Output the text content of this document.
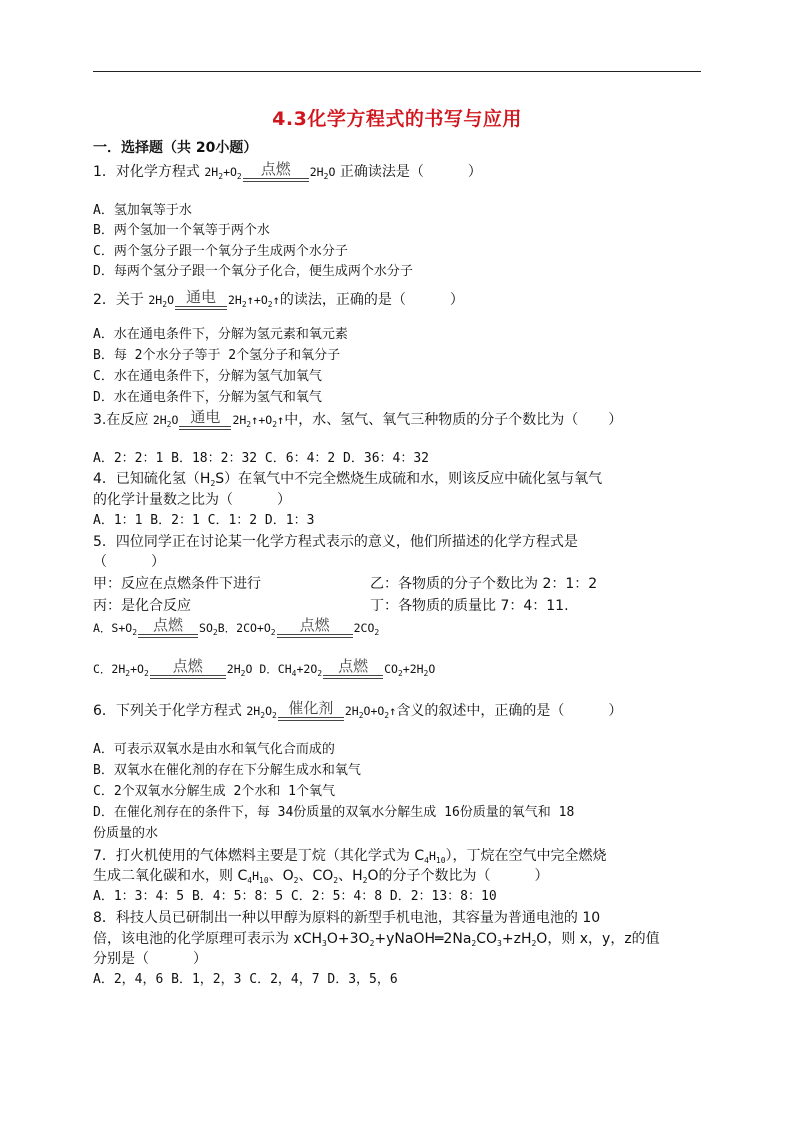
4.3化学方程式的书写与应用
一．选择题（共 20小题）
1．对化学方程式 $2H_2+O_2$	点燃	$2H_2O$ 正确读法是（	）
A．氢加氧等于水
B．两个氢加一个氧等于两个水
C．两个氢分子跟一个氧分子生成两个水分子
D．每两个氢分子跟一个氧分子化合，便生成两个水分子
2．关于 $2H_2O$ 通电	$2H_2↑+O_2↑$的读法，正确的是（	）
A．水在通电条件下，分解为氢元素和氧元素
B．每 2个水分子等于 2个氢分子和氧分子
C．水在通电条件下，分解为氢气加氧气
D．水在通电条件下，分解为氢气和氧气
3.在反应 $2H_2O$ 通电	$2H_2↑+O_2↑$中，水、氢气、氧气三种物质的分子个数比为（ ）
A．2：2：1 B．18：2：32 C．6：4：2 D．36：4：32
4．已知硫化氢$(H_2S)$在氧气中不完全燃烧生成硫和水，则该反应中硫化氢与氧气
的化学计量数之比为（	）
A．1：1 B．2：1 C．1：2 D．1：3
5．四位同学正在讨论某一化学方程式表示的意义，他们所描述的化学方程式是
（	）
甲：反应在点燃条件下进行	乙：各物质的分子个数比为 2：1：2
丙：是化合反应	丁：各物质的质量比 7：4：11.
A．$S+O_2$	点燃	$SO_2B$．$2CO+O_2$	点燃	$2CO_2$
C．$2H_2+O_2$	点燃	$2H_2O$ D．$CH_4+2O_2$	点燃	$CO_2+2H_2O$
6．下列关于化学方程式 $2H_2O_2$ 催化剂	$2H_2O+O_2↑$含义的叙述中，正确的是（	）
A．可表示双氧水是由水和氧气化合而成的
B．双氧水在催化剂的存在下分解生成水和氧气
C．2个双氧水分解生成 2个水和 1个氧气
D．在催化剂存在的条件下，每 34份质量的双氧水分解生成 16份质量的氧气和 18
份质量的水
7．打火机使用的气体燃料主要是丁烷（其化学式为 $C_4H_{10}$），丁烷在空气中完全燃烧
生成二氧化碳和水，则 $C_4H_{10}$、$O_2$、$CO_2$、$H_2O$的分子个数比为（	）
A．1：3：4：5 B．4：5：8：5 C．2：5：4：8 D．2：13：8：10
8．科技人员已研制出一种以甲醇为原料的新型手机电池，其容量为普通电池的 10
倍，该电池的化学原理可表示为 $xCH_3O+3O_2+yNaOH═2Na_2CO_3+zH_2O$，则 x，y，z的值
分别是（	）
A．2，4，6 B．1，2，3 C．2，4，7 D．3，5，6
